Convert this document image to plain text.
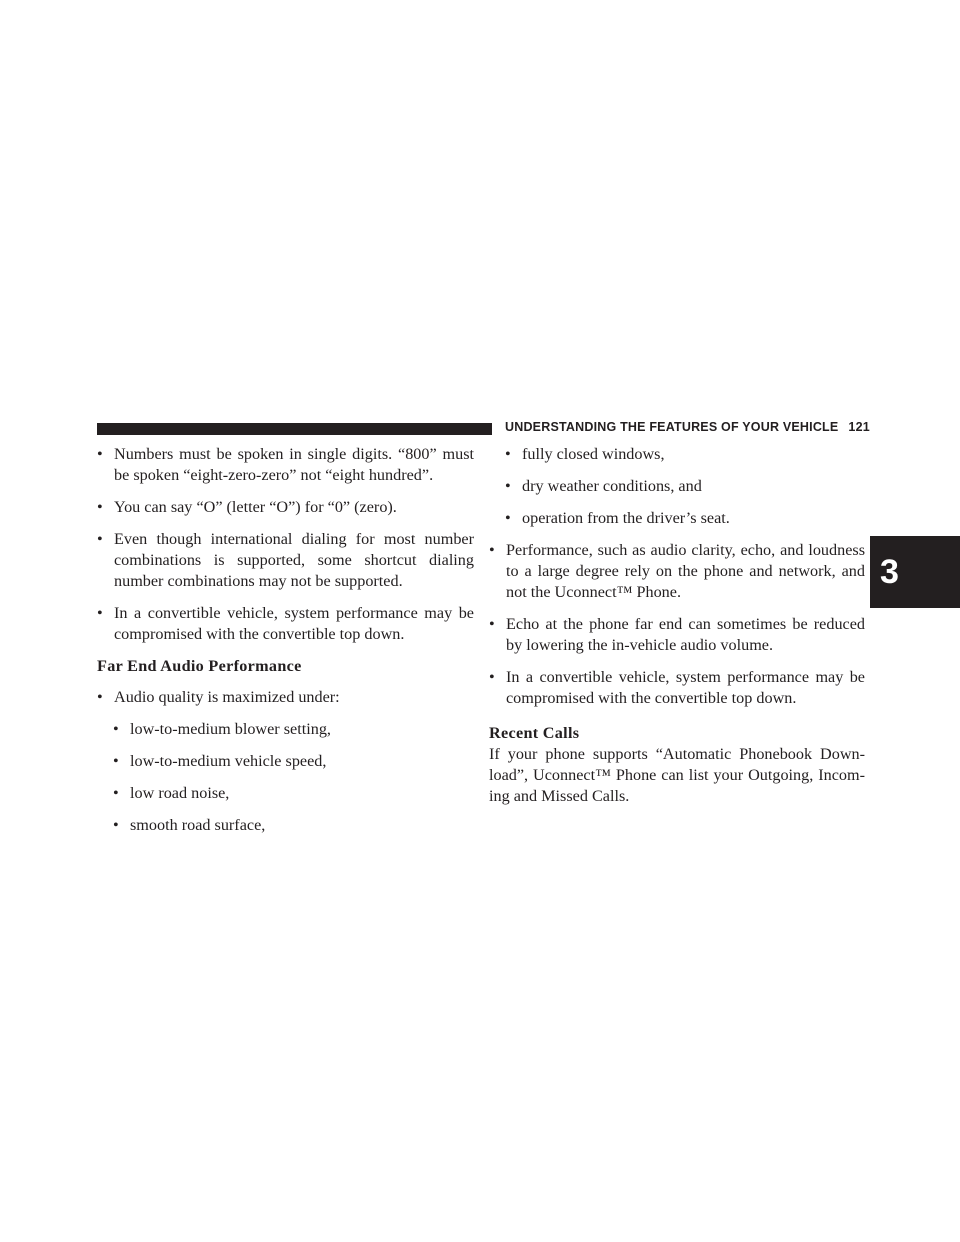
UNDERSTANDING THE FEATURES OF YOUR VEHICLE 121
3
• Numbers must be spoken in single digits. “800” must be spoken “eight-zero-zero” not “eight hundred”.
• You can say “O” (letter “O”) for “0” (zero).
• Even though international dialing for most number combinations is supported, some shortcut dialing number combinations may not be supported.
• In a convertible vehicle, system performance may be compromised with the convertible top down.
Far End Audio Performance
• Audio quality is maximized under:
• low-to-medium blower setting,
• low-to-medium vehicle speed,
• low road noise,
• smooth road surface,
• fully closed windows,
• dry weather conditions, and
• operation from the driver’s seat.
• Performance, such as audio clarity, echo, and loudness to a large degree rely on the phone and network, and not the Uconnect™ Phone.
• Echo at the phone far end can sometimes be reduced by lowering the in-vehicle audio volume.
• In a convertible vehicle, system performance may be compromised with the convertible top down.
Recent Calls
If your phone supports “Automatic Phonebook Down-load”, Uconnect™ Phone can list your Outgoing, Incom-ing and Missed Calls.
